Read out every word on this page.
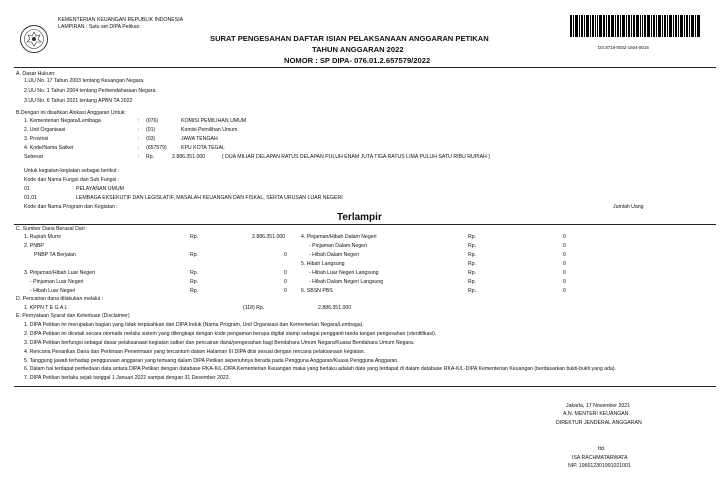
KEMENTERIAN KEUANGAN REPUBLIK INDONESIA
LAMPIRAN : Satu set DIPA Petikan
SURAT PENGESAHAN DAFTAR ISIAN PELAKSANAAN ANGGARAN PETIKAN
TAHUN ANGGARAN 2022
NOMOR : SP DIPA- 076.01.2.657579/2022
DS:8719-0032-1604-8016
A. Dasar Hukum:
1.UU No. 17 Tahun 2003 tentang Keuangan Negara.
2.UU No. 1 Tahun 2004 tentang Perbendaharaan Negara.
3.UU No. 6 Tahun 2021 tentang APBN TA 2022
B.Dengan ini disahkan Alokasi Anggaran Untuk:
1. Kementerian Negara/Lembaga	: (076)	KOMISI PEMILIHAN UMUM
2. Unit Organisasi	: (01)	Komisi Pemilihan Umum
3. Provinsi	: (03)	JAWA TENGAH
4. Kode/Nama Satker	: (657579)	KPU KOTA TEGAL
Sebesar	: Rp.	2.886.351.000	( DUA MILIAR DELAPAN RATUS DELAPAN PULUH ENAM JUTA TIGA RATUS LIMA PULUH SATU RIBU RUPIAH )
Untuk kegiatan-kegiatan sebagai berikut :
Kode dan Nama Fungsi dan Sub Fungsi :
01	PELAYANAN UMUM
01.01	LEMBAGA EKSEKUTIF DAN LEGISLATIF, MASALAH KEUANGAN DAN FISKAL, SERTA URUSAN LUAR NEGERI
Kode dan Nama Program dan Kegiatan :	Jumlah Uang
Terlampir
C. Sumber Dana Berasal Dari :
1. Rupiah Murni	Rp.	2.886.351.000
2. PNBP
PNBP TA Berjalan	Rp.	0
3. Pinjaman/Hibah Luar Negeri	Rp.	0
- Pinjaman Luar Negeri	Rp.	0
- Hibah Luar Negeri	Rp.	0
4. Pinjaman/Hibah Dalam Negeri	Rp.	0
- Pinjaman Dalam Negeri	Rp.	0
- Hibah Dalam Negeri	Rp.	0
5. Hibah Langsung	Rp.	0
- Hibah Luar Negeri Langsung	Rp.	0
- Hibah Dalam Negeri Langsung	Rp.	0
6. SBSN PBS	Rp.	0
D. Pencairan dana dilakukan melalui :
1. KPPN T E G A L	(118) Rp.	2.886.351.000
E. Pernyataan Syarat dan Ketentuan (Disclaimer)
1. DIPA Petikan ini merupakan bagian yang tidak terpisahkan dari DIPA Induk (Nama Program, Unit Organisasi dan Kementerian Negara/Lembaga).
2. DIPA Petikan ini dicetak secara otomatis melalui sistem yang dilengkapi dengan kode pengaman berupa digital stamp sebagai pengganti tanda tangan pengesahan (otentifikasi).
3. DIPA Petikan berfungsi sebagai dasar pelaksanaan kegiatan satker dan pencairan dana/pengesahan bagi Bendahara Umum Negara/Kuasa Bendahara Umum Negara.
4. Rencana Penarikan Dana dan Perkiraan Penerimaan yang tercantum dalam Halaman III DIPA diisi sesuai dengan rencana pelaksanaan kegiatan.
5. Tanggung jawab terhadap penggunaan anggaran yang tertuang dalam DIPA Petikan sepenuhnya berada pada Pengguna Anggaran/Kuasa Pengguna Anggaran.
6. Dalam hal terdapat perbedaan data antara DIPA Petikan dengan database RKA-K/L-DIPA Kementerian Keuangan maka yang berlaku adalah data yang terdapat di dalam database RKA-K/L-DIPA Kementerian Keuangan (berdasarkan bukti-bukti yang ada).
7. DIPA Petikan berlaku sejak tanggal 1 Januari 2022 sampai dengan 31 Desember 2022.
Jakarta, 17 November 2021
A.N. MENTERI KEUANGAN
DIREKTUR JENDERAL ANGGARAN
ttd.
ISA RACHMATARWATA
NIP. 196612301991021001
